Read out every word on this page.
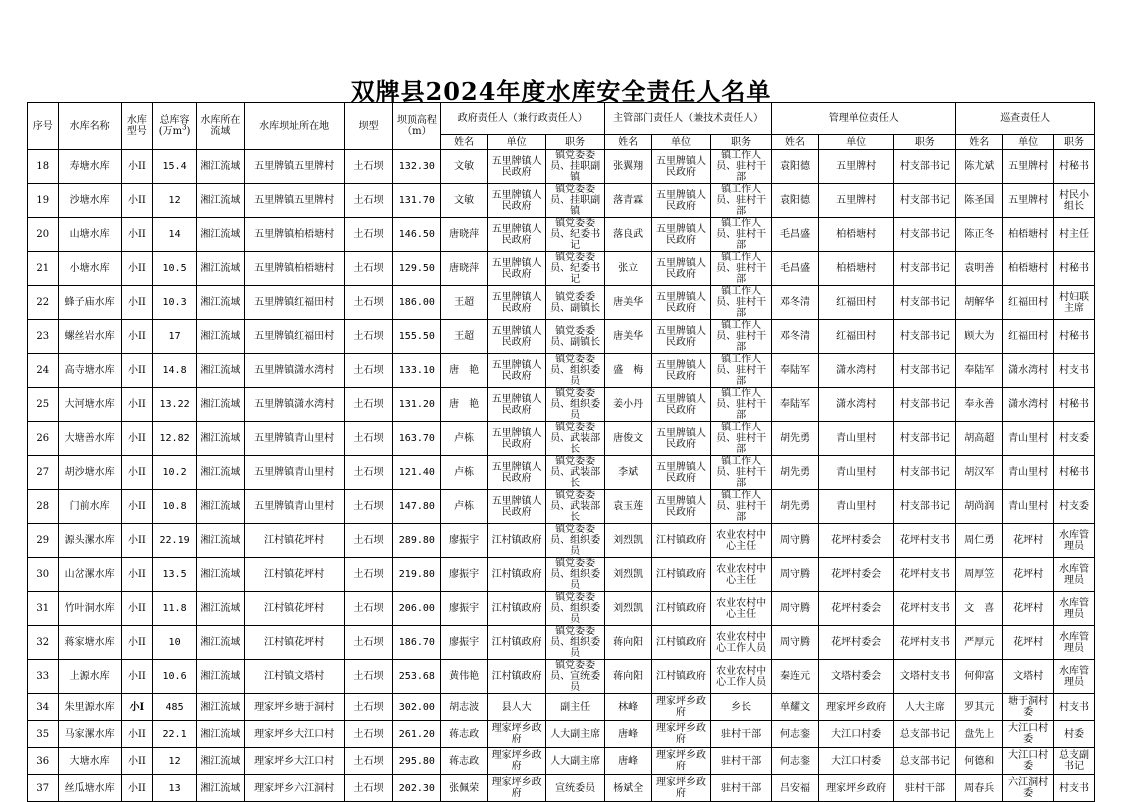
双牌县2024年度水库安全责任人名单
序号	水库名称	水库型号	总库容(万$m^3$)	水库所在流域	水库坝址所在地	坝型	坝顶高程（m）	政府责任人（兼行政责任人）			主管部门责任人（兼技术责任人）			管理单位责任人			巡查责任人		
								姓名	单位	职务	姓名	单位	职务	姓名	单位	职务	姓名	单位	职务
18	寿塘水库	小II	15.4	湘江流域	五里牌镇五里牌村	土石坝	132.30	文敏	五里牌镇人民政府	镇党委委员、挂职副镇	张翼翔	五里牌镇人民政府	镇工作人员、驻村干部	袁阳德	五里牌村	村支部书记	陈尤斌	五里牌村	村秘书
19	沙塘水库	小II	12	湘江流域	五里牌镇五里牌村	土石坝	131.70	文敏	五里牌镇人民政府	镇党委委员、挂职副镇	落青霖	五里牌镇人民政府	镇工作人员、驻村干部	袁阳德	五里牌村	村支部书记	陈圣国	五里牌村	村民小组长
20	山塘水库	小II	14	湘江流域	五里牌镇柏梧塘村	土石坝	146.50	唐晓萍	五里牌镇人民政府	镇党委委员、纪委书记	落良武	五里牌镇人民政府	镇工作人员、驻村干部	毛昌盛	柏梧塘村	村支部书记	陈正冬	柏梧塘村	村主任
21	小塘水库	小II	10.5	湘江流域	五里牌镇柏梧塘村	土石坝	129.50	唐晓萍	五里牌镇人民政府	镇党委委员、纪委书记	张立	五里牌镇人民政府	镇工作人员、驻村干部	毛昌盛	柏梧塘村	村支部书记	袁明善	柏梧塘村	村秘书
22	蜂子庙水库	小II	10.3	湘江流域	五里牌镇红福田村	土石坝	186.00	王超	五里牌镇人民政府	镇党委委员、副镇长	唐美华	五里牌镇人民政府	镇工作人员、驻村干部	邓冬清	红福田村	村支部书记	胡解华	红福田村	村妇联主席
23	螺丝岩水库	小II	17	湘江流域	五里牌镇红福田村	土石坝	155.50	王超	五里牌镇人民政府	镇党委委员、副镇长	唐美华	五里牌镇人民政府	镇工作人员、驻村干部	邓冬清	红福田村	村支部书记	顾大为	红福田村	村秘书
24	高寺塘水库	小II	14.8	湘江流域	五里牌镇潇水湾村	土石坝	133.10	唐　艳	五里牌镇人民政府	镇党委委员、组织委员	盛　梅	五里牌镇人民政府	镇工作人员、驻村干部	奉陆军	潇水湾村	村支部书记	奉陆军	潇水湾村	村支书
25	大河塘水库	小II	13.22	湘江流域	五里牌镇潇水湾村	土石坝	131.20	唐　艳	五里牌镇人民政府	镇党委委员、组织委员	姜小丹	五里牌镇人民政府	镇工作人员、驻村干部	奉陆军	潇水湾村	村支部书记	奉永善	潇水湾村	村秘书
26	大塘善水库	小II	12.82	湘江流域	五里牌镇青山里村	土石坝	163.70	卢栋	五里牌镇人民政府	镇党委委员、武装部长	唐俊文	五里牌镇人民政府	镇工作人员、驻村干部	胡先勇	青山里村	村支部书记	胡高超	青山里村	村支委
27	胡沙塘水库	小II	10.2	湘江流域	五里牌镇青山里村	土石坝	121.40	卢栋	五里牌镇人民政府	镇党委委员、武装部长	李斌	五里牌镇人民政府	镇工作人员、驻村干部	胡先勇	青山里村	村支部书记	胡汉军	青山里村	村秘书
28	门前水库	小II	10.8	湘江流域	五里牌镇青山里村	土石坝	147.80	卢栋	五里牌镇人民政府	镇党委委员、武装部长	袁玉莲	五里牌镇人民政府	镇工作人员、驻村干部	胡先勇	青山里村	村支部书记	胡尚润	青山里村	村支委
29	源头漯水库	小II	22.19	湘江流域	江村镇花坪村	土石坝	289.80	廖振宇	江村镇政府	镇党委委员、组织委员	刘烈凯	江村镇政府	农业农村中心主任	周守腾	花坪村委会	花坪村支书	周仁勇	花坪村	水库管理员
30	山岔漯水库	小II	13.5	湘江流域	江村镇花坪村	土石坝	219.80	廖振宇	江村镇政府	镇党委委员、组织委员	刘烈凯	江村镇政府	农业农村中心主任	周守腾	花坪村委会	花坪村支书	周厚笠	花坪村	水库管理员
31	竹叶洞水库	小II	11.8	湘江流域	江村镇花坪村	土石坝	206.00	廖振宇	江村镇政府	镇党委委员、组织委员	刘烈凯	江村镇政府	农业农村中心主任	周守腾	花坪村委会	花坪村支书	文　喜	花坪村	水库管理员
32	蒋家塘水库	小II	10	湘江流域	江村镇花坪村	土石坝	186.70	廖振宇	江村镇政府	镇党委委员、组织委员	蒋向阳	江村镇政府	农业农村中心工作人员	周守腾	花坪村委会	花坪村支书	严厚元	花坪村	水库管理员
33	上源水库	小II	10.6	湘江流域	江村镇文塔村	土石坝	253.68	黄伟艳	江村镇政府	镇党委委员、宣统委员	蒋向阳	江村镇政府	农业农村中心工作人员	秦连元	文塔村委会	文塔村支书	何仰富	文塔村	水库管理员
34	朱里源水库	小I	485	湘江流域	理家坪乡塘于洞村	土石坝	302.00	胡志波	县人大	副主任	林峰	理家坪乡政府	乡长	单耀文	理家坪乡政府	人大主席	罗其元	塘于洞村委	村支书
35	马家漯水库	小II	22.1	湘江流域	理家坪乡大江口村	土石坝	261.20	蒋志政	理家坪乡政府	人大副主席	唐峰	理家坪乡政府	驻村干部	何志銮	大江口村委	总支部书记	盘先上	大江口村委	村委
36	大塘水库	小II	12	湘江流域	理家坪乡大江口村	土石坝	295.80	蒋志政	理家坪乡政府	人大副主席	唐峰	理家坪乡政府	驻村干部	何志銮	大江口村委	总支部书记	何德和	大江口村委	总支副书记
37	丝瓜塘水库	小II	13	湘江流域	理家坪乡六江洞村	土石坝	202.30	张佩荣	理家坪乡政府	宣统委员	杨斌全	理家坪乡政府	驻村干部	吕安福	理家坪乡政府	驻村干部	周春兵	六江洞村委	村支书
